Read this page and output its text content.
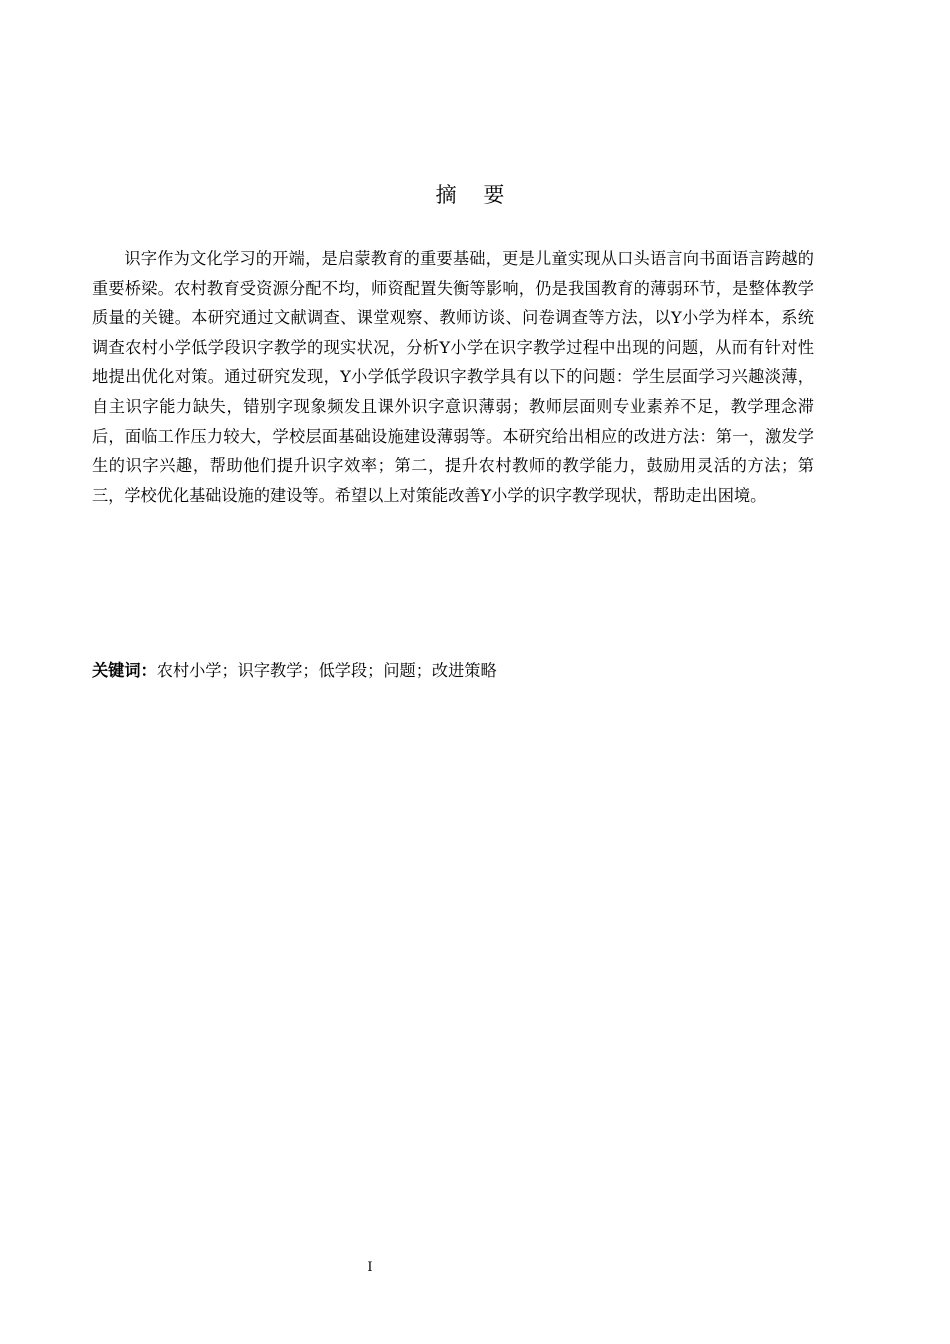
摘 要

识字作为文化学习的开端，是启蒙教育的重要基础，更是儿童实现从口头语言向书面语言跨越的重要桥梁。农村教育受资源分配不均，师资配置失衡等影响，仍是我国教育的薄弱环节，是整体教学质量的关键。本研究通过文献调查、课堂观察、教师访谈、问卷调查等方法，以Y小学为样本，系统调查农村小学低学段识字教学的现实状况，分析Y小学在识字教学过程中出现的问题，从而有针对性地提出优化对策。通过研究发现，Y小学低学段识字教学具有以下的问题：学生层面学习兴趣淡薄，自主识字能力缺失，错别字现象频发且课外识字意识薄弱；教师层面则专业素养不足，教学理念滞后，面临工作压力较大，学校层面基础设施建设薄弱等。本研究给出相应的改进方法：第一，激发学生的识字兴趣，帮助他们提升识字效率；第二，提升农村教师的教学能力，鼓励用灵活的方法；第三，学校优化基础设施的建设等。希望以上对策能改善Y小学的识字教学现状，帮助走出困境。

关键词：农村小学；识字教学；低学段；问题；改进策略
I
